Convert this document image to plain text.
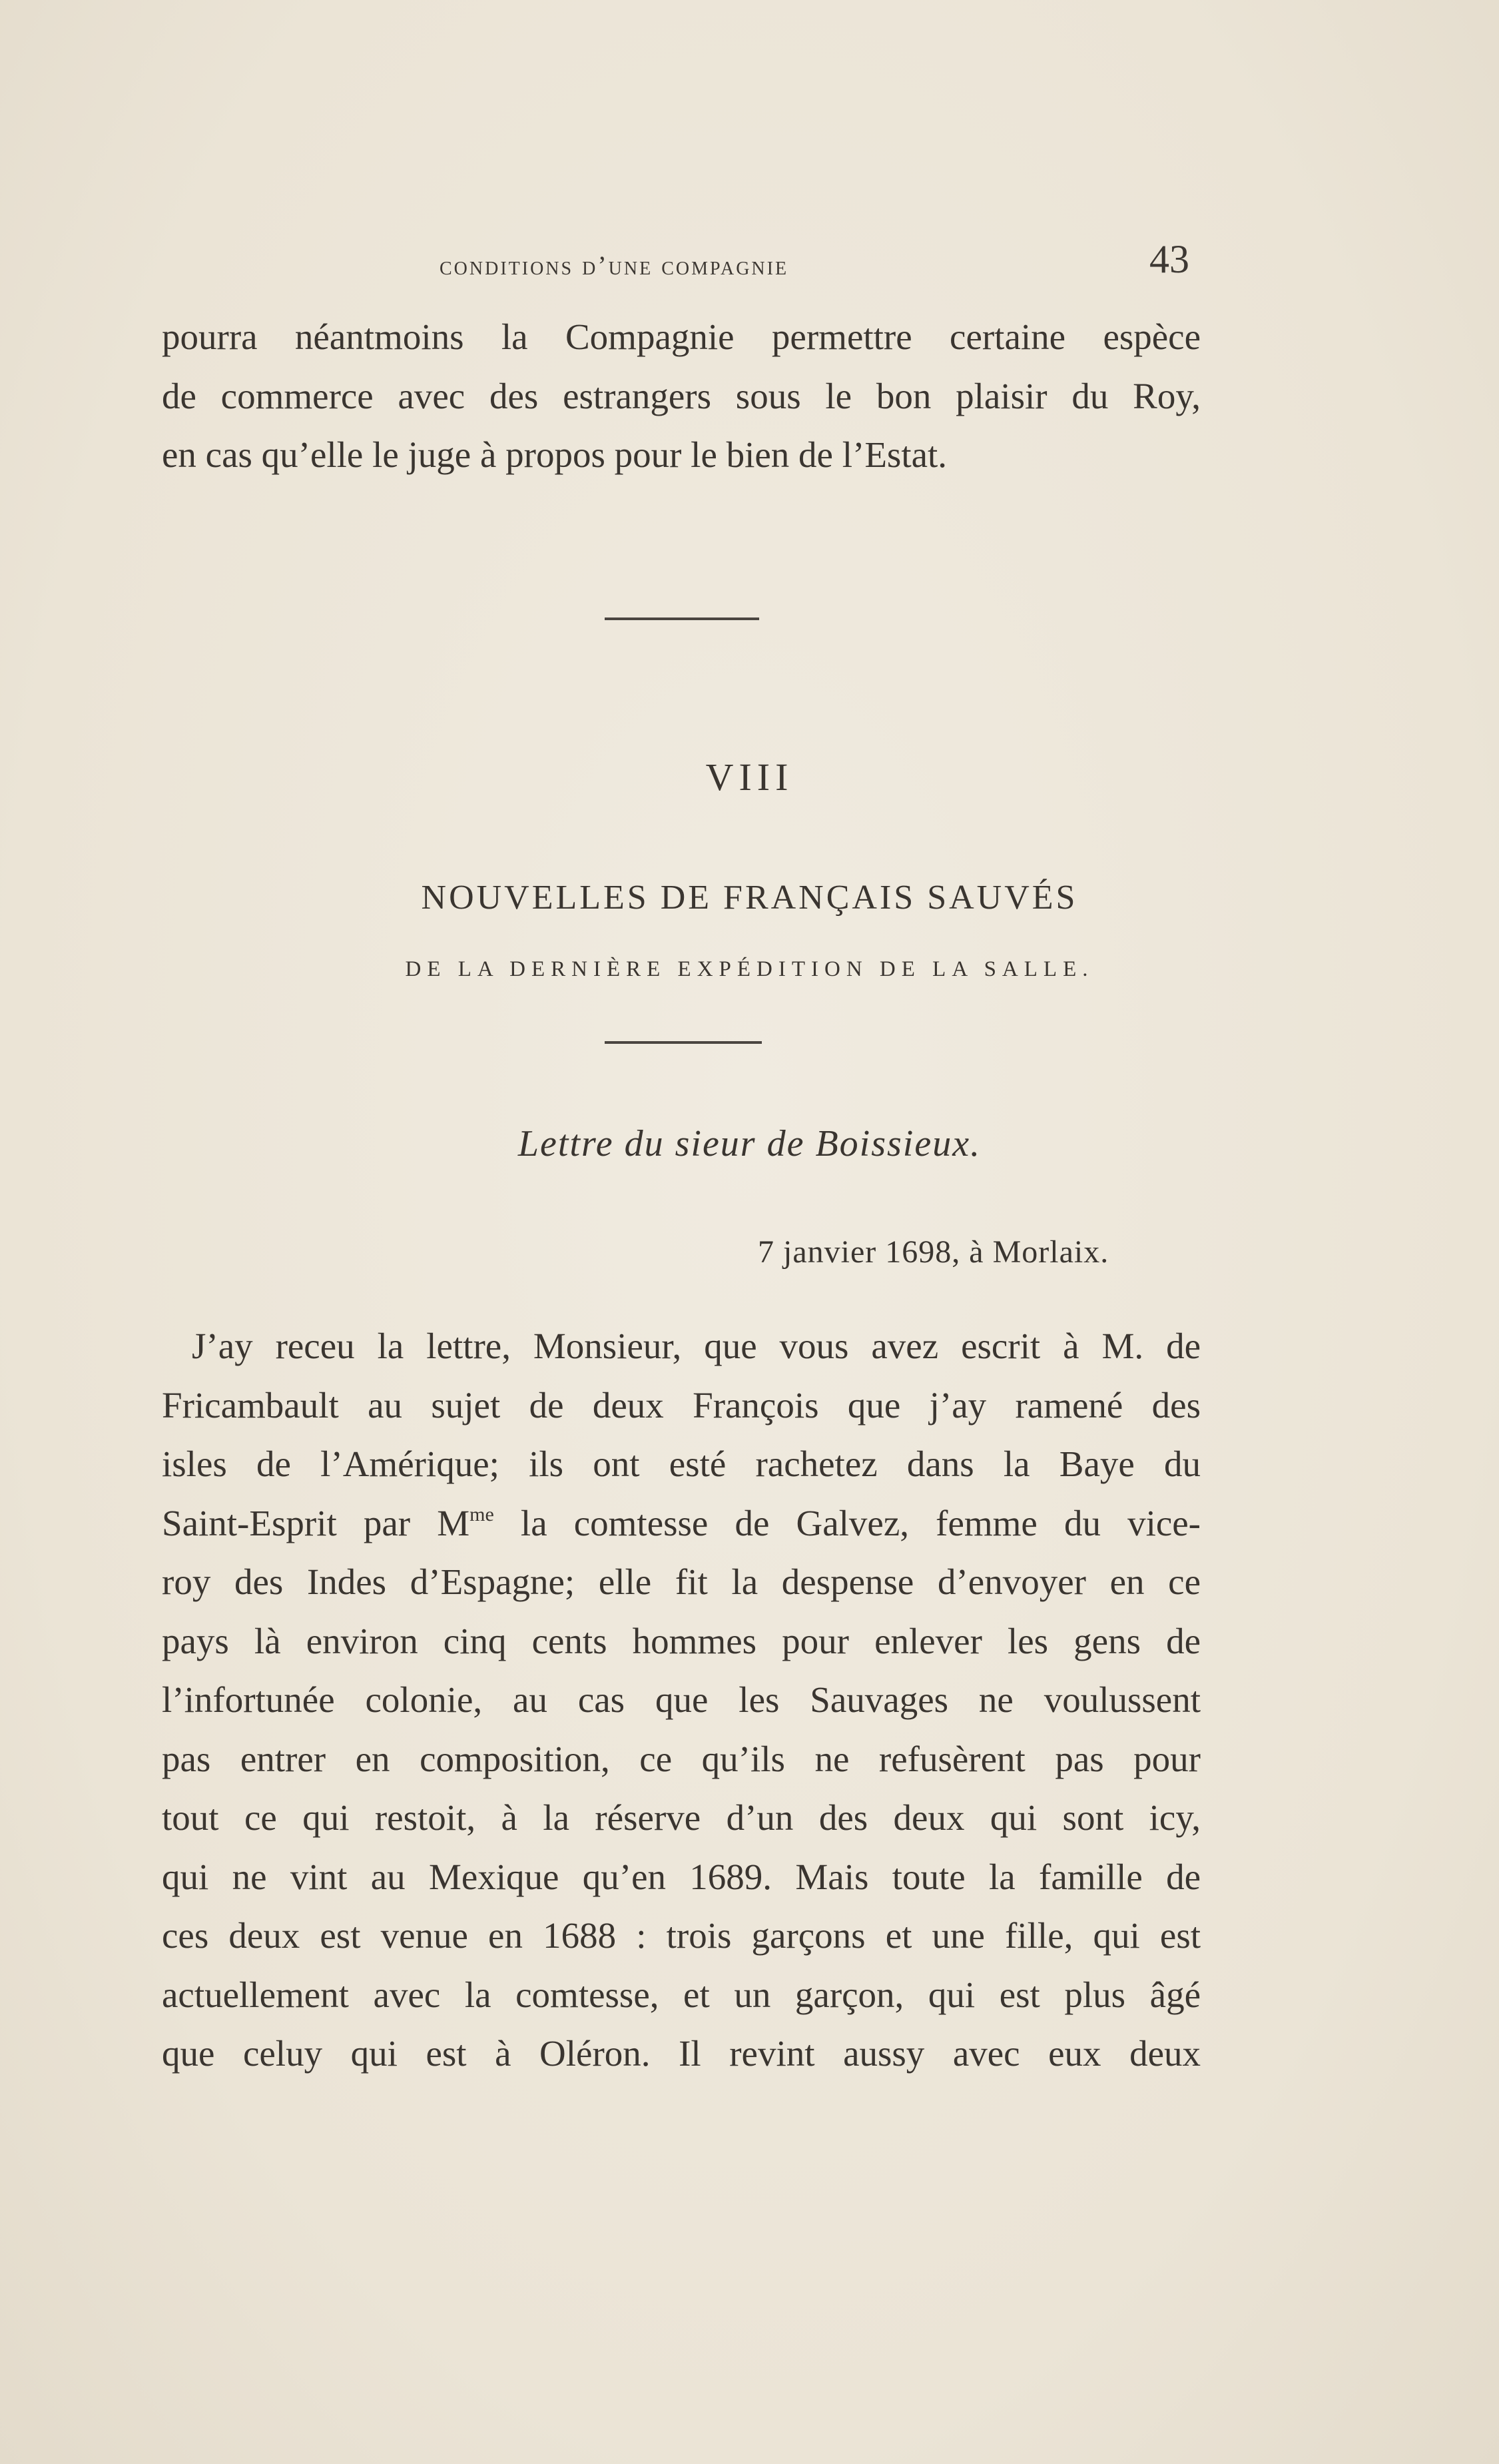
conditions d’une compagnie	43
pourra néantmoins la Compagnie permettre certaine espèce
de commerce avec des estrangers sous le bon plaisir du Roy,
en cas qu’elle le juge à propos pour le bien de l’Estat.
VIII
NOUVELLES DE FRANÇAIS SAUVÉS
DE LA DERNIÈRE EXPÉDITION DE LA SALLE.
Lettre du sieur de Boissieux.
7 janvier 1698, à Morlaix.
J’ay receu la lettre, Monsieur, que vous avez escrit à M. de
Fricambault au sujet de deux François que j’ay ramené des
isles de l’Amérique; ils ont esté rachetez dans la Baye du
Saint-Esprit par $M^{me}$ la comtesse de Galvez, femme du vice-
roy des Indes d’Espagne; elle fit la despense d’envoyer en ce
pays là environ cinq cents hommes pour enlever les gens de
l’infortunée colonie, au cas que les Sauvages ne voulussent
pas entrer en composition, ce qu’ils ne refusèrent pas pour
tout ce qui restoit, à la réserve d’un des deux qui sont icy,
qui ne vint au Mexique qu’en 1689. Mais toute la famille de
ces deux est venue en 1688 : trois garçons et une fille, qui est
actuellement avec la comtesse, et un garçon, qui est plus âgé
que celuy qui est à Oléron. Il revint aussy avec eux deux
